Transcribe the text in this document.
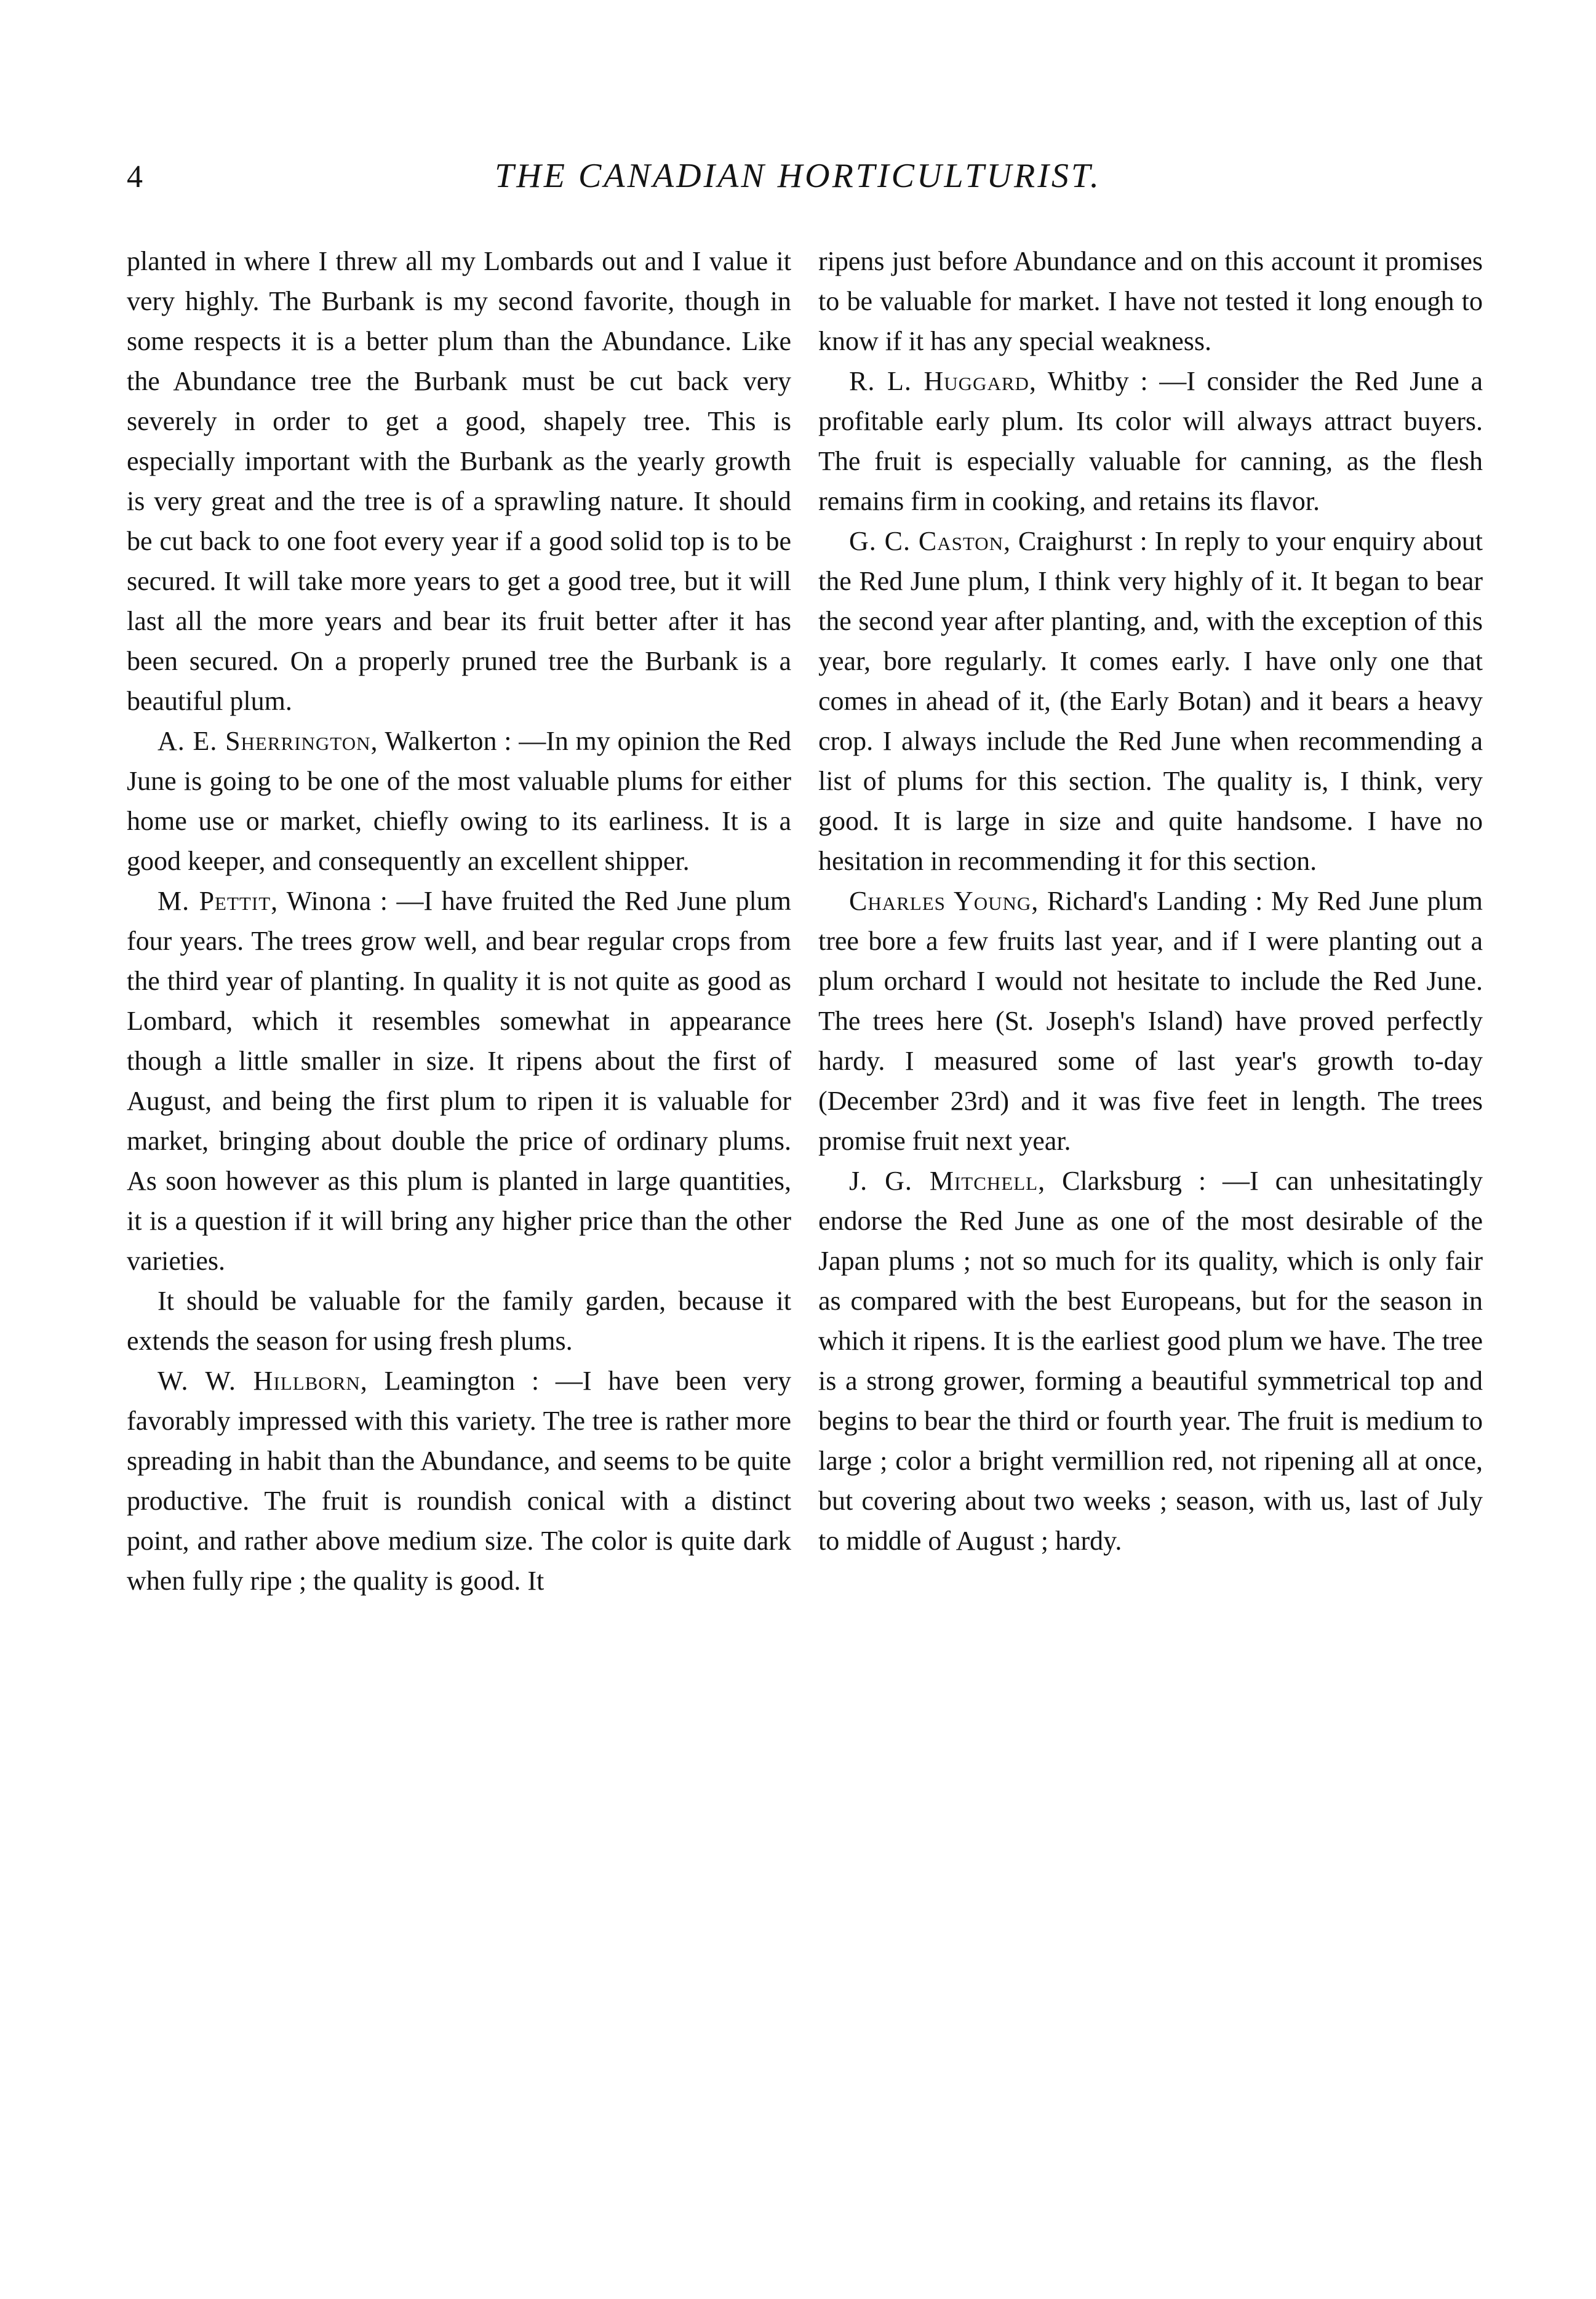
4	THE CANADIAN HORTICULTURIST.

planted in where I threw all my Lombards out and I value it very highly. The Burbank is my second favorite, though in some respects it is a better plum than the Abundance. Like the Abundance tree the Burbank must be cut back very severely in order to get a good, shapely tree. This is especially important with the Burbank as the yearly growth is very great and the tree is of a sprawling nature. It should be cut back to one foot every year if a good solid top is to be secured. It will take more years to get a good tree, but it will last all the more years and bear its fruit better after it has been secured. On a properly pruned tree the Burbank is a beautiful plum.

A. E. Sherrington, Walkerton : —In my opinion the Red June is going to be one of the most valuable plums for either home use or market, chiefly owing to its earliness. It is a good keeper, and consequently an excellent shipper.

M. Pettit, Winona : —I have fruited the Red June plum four years. The trees grow well, and bear regular crops from the third year of planting. In quality it is not quite as good as Lombard, which it resembles somewhat in appearance though a little smaller in size. It ripens about the first of August, and being the first plum to ripen it is valuable for market, bringing about double the price of ordinary plums. As soon however as this plum is planted in large quantities, it is a question if it will bring any higher price than the other varieties.

It should be valuable for the family garden, because it extends the season for using fresh plums.

W. W. Hillborn, Leamington : —I have been very favorably impressed with this variety. The tree is rather more spreading in habit than the Abundance, and seems to be quite productive. The fruit is roundish conical with a distinct point, and rather above medium size. The color is quite dark when fully ripe ; the quality is good. It

ripens just before Abundance and on this account it promises to be valuable for market. I have not tested it long enough to know if it has any special weakness.

R. L. Huggard, Whitby : —I consider the Red June a profitable early plum. Its color will always attract buyers. The fruit is especially valuable for canning, as the flesh remains firm in cooking, and retains its flavor.

G. C. Caston, Craighurst : In reply to your enquiry about the Red June plum, I think very highly of it. It began to bear the second year after planting, and, with the exception of this year, bore regularly. It comes early. I have only one that comes in ahead of it, (the Early Botan) and it bears a heavy crop. I always include the Red June when recommending a list of plums for this section. The quality is, I think, very good. It is large in size and quite handsome. I have no hesitation in recommending it for this section.

Charles Young, Richard's Landing : My Red June plum tree bore a few fruits last year, and if I were planting out a plum orchard I would not hesitate to include the Red June. The trees here (St. Joseph's Island) have proved perfectly hardy. I measured some of last year's growth to-day (December 23rd) and it was five feet in length. The trees promise fruit next year.

J. G. Mitchell, Clarksburg : —I can unhesitatingly endorse the Red June as one of the most desirable of the Japan plums ; not so much for its quality, which is only fair as compared with the best Europeans, but for the season in which it ripens. It is the earliest good plum we have. The tree is a strong grower, forming a beautiful symmetrical top and begins to bear the third or fourth year. The fruit is medium to large ; color a bright vermillion red, not ripening all at once, but covering about two weeks ; season, with us, last of July to middle of August ; hardy.
